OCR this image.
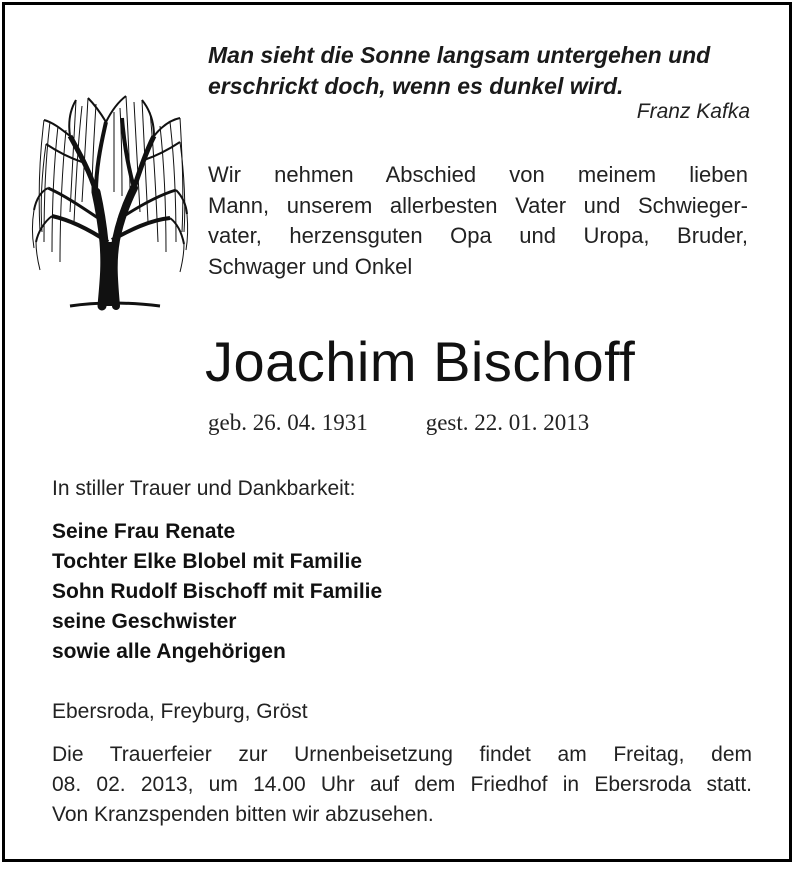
Man sieht die Sonne langsam untergehen und
erschrickt doch, wenn es dunkel wird.
Franz Kafka
Wir nehmen Abschied von meinem lieben
Mann, unserem allerbesten Vater und Schwieger-
vater, herzensguten Opa und Uropa, Bruder,
Schwager und Onkel
Joachim Bischoff
geb. 26. 04. 1931	gest. 22. 01. 2013
In stiller Trauer und Dankbarkeit:
Seine Frau Renate
Tochter Elke Blobel mit Familie
Sohn Rudolf Bischoff mit Familie
seine Geschwister
sowie alle Angehörigen
Ebersroda, Freyburg, Gröst
Die Trauerfeier zur Urnenbeisetzung findet am Freitag, dem
08. 02. 2013, um 14.00 Uhr auf dem Friedhof in Ebersroda statt.
Von Kranzspenden bitten wir abzusehen.
